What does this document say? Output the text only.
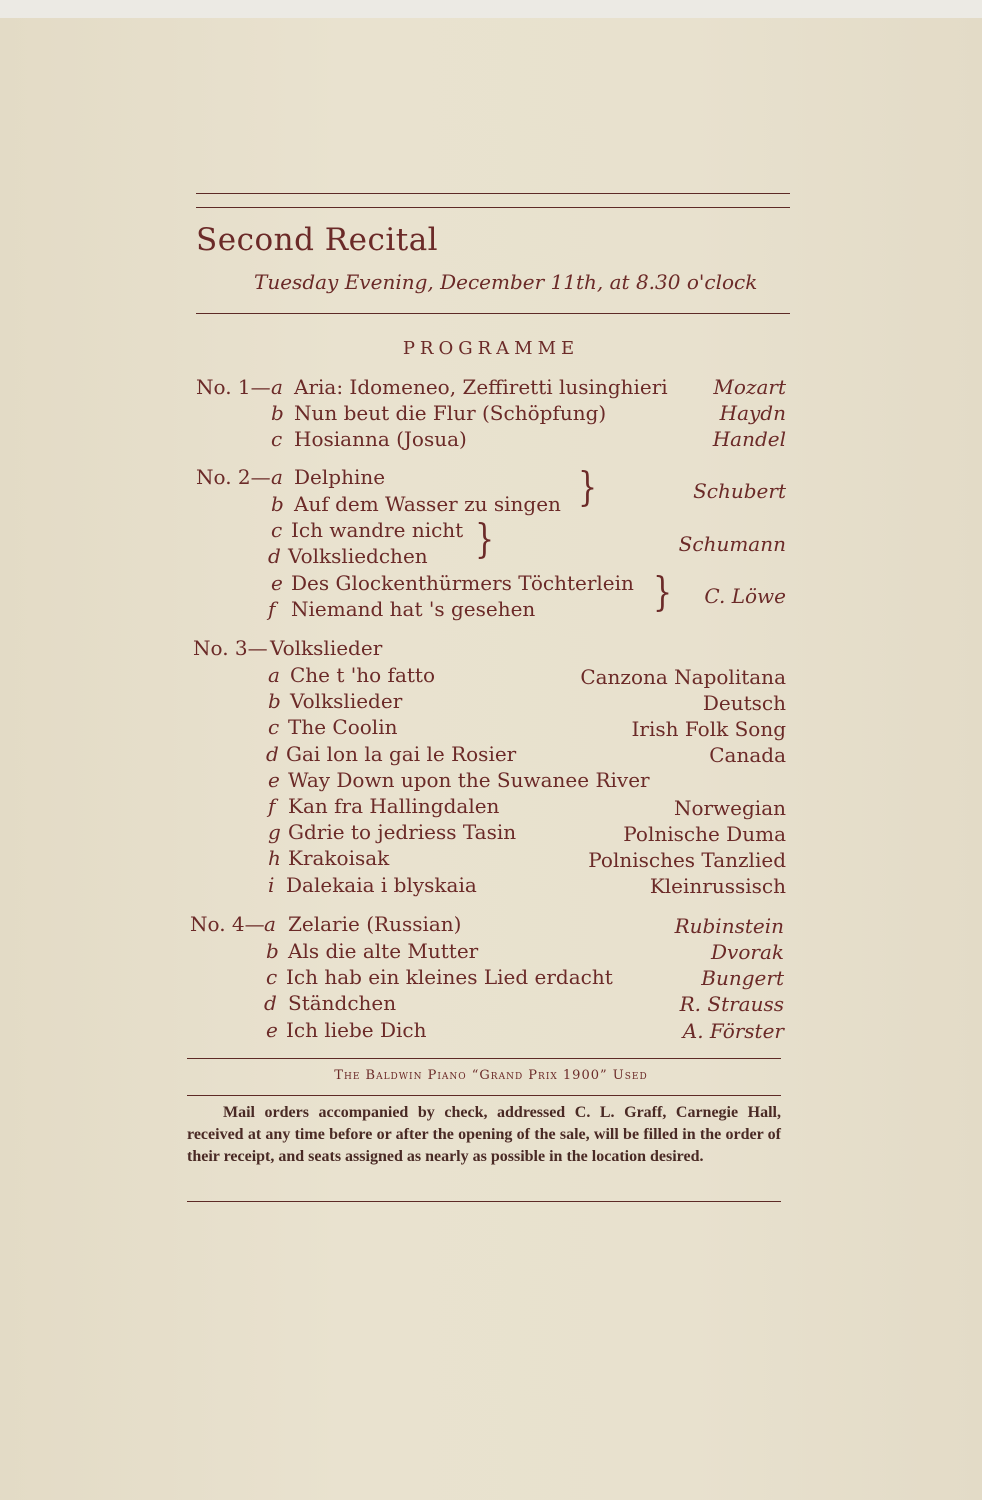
Second Recital
Tuesday Evening, December 11th, at 8.30 o'clock
PROGRAMME
No. 1— a Aria: Idomeneo, Zeffiretti lusinghieri Mozart
b Nun beut die Flur (Schöpfung)	Haydn
c Hosianna (Josua)	Handel
No. 2— a Delphine
b Auf dem Wasser zu singen }	Schubert
c Ich wandre nicht
d Volksliedchen }	Schumann
e Des Glockenthürmers Töchterlein
f Niemand hat 's gesehen	} C. Löwe
No. 3— Volkslieder
a Che t 'ho fatto	Canzona Napolitana
b Volkslieder	Deutsch
c The Coolin	Irish Folk Song
d Gai lon la gai le Rosier	Canada
e Way Down upon the Suwanee River
f Kan fra Hallingdalen	Norwegian
g Gdrie to jedriess Tasin	Polnische Duma
h Krakoisak	Polnisches Tanzlied
i Dalekaia i blyskaia	Kleinrussisch
No. 4— a Zelarie (Russian)	Rubinstein
b Als die alte Mutter	Dvorak
c Ich hab ein kleines Lied erdacht	Bungert
d Ständchen	R. Strauss
e Ich liebe Dich	A. Förster
The Baldwin Piano “Grand Prix 1900” Used
Mail orders accompanied by check, addressed C. L. Graff, Carnegie Hall, received at any time before or after the opening of the sale, will be filled in the order of their receipt, and seats assigned as nearly as possible in the location desired.
